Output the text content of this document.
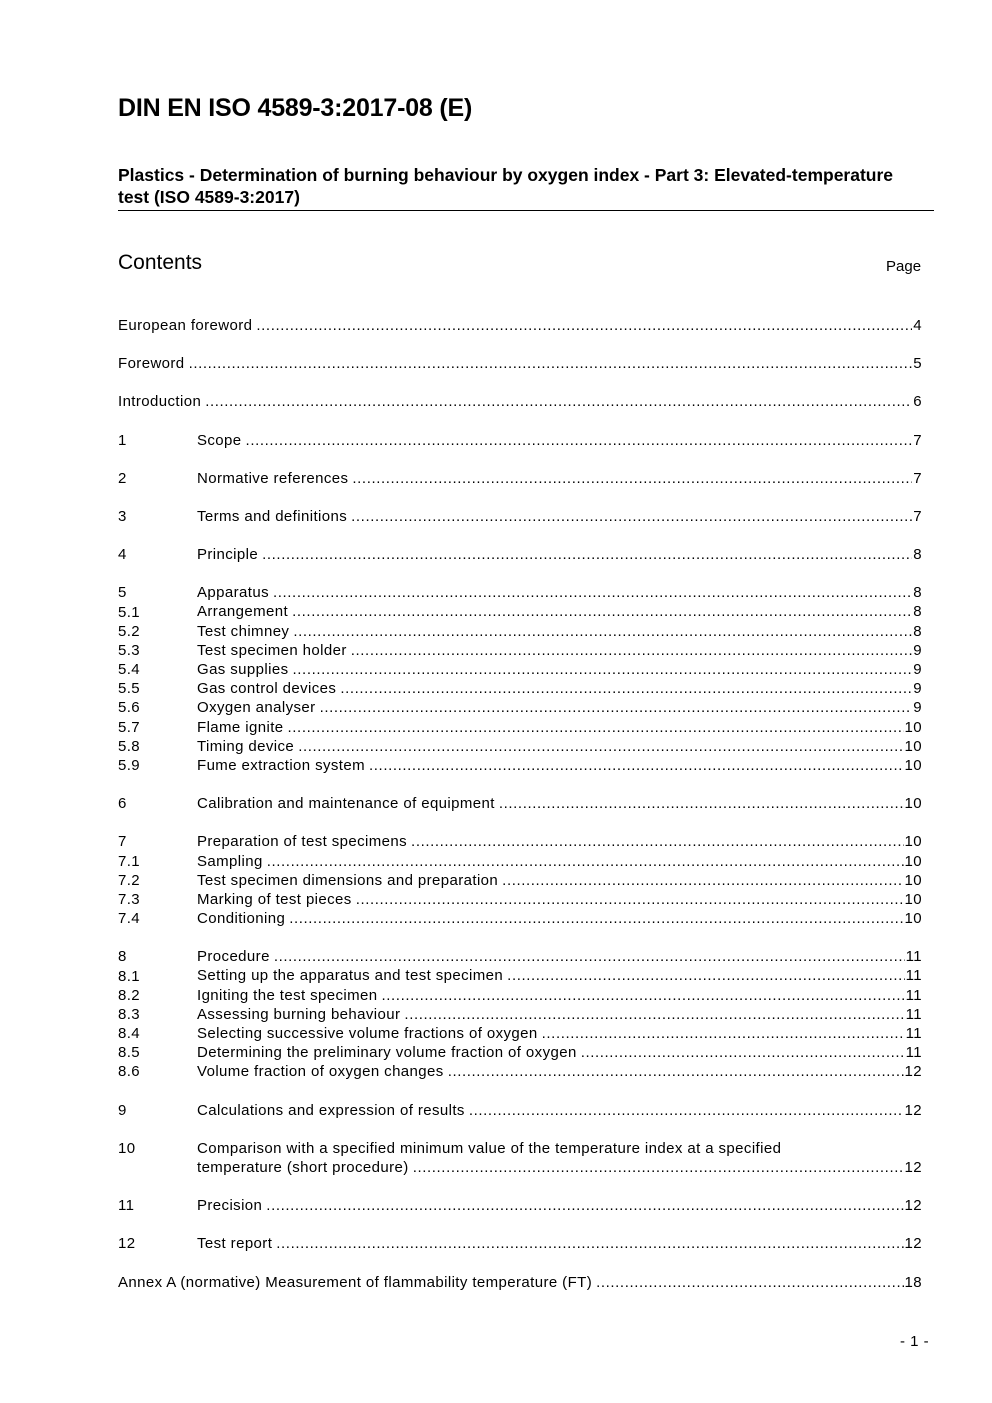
DIN EN ISO 4589-3:2017-08 (E)
Plastics - Determination of burning behaviour by oxygen index - Part 3: Elevated-temperature test (ISO 4589-3:2017)
Contents	Page
European foreword .....	4
Foreword .....	5
Introduction .....	6
1	Scope .....	7
2	Normative references .....	7
3	Terms and definitions .....	7
4	Principle .....	8
5	Apparatus .....	8
5.1	Arrangement .....	8
5.2	Test chimney .....	8
5.3	Test specimen holder .....	9
5.4	Gas supplies .....	9
5.5	Gas control devices .....	9
5.6	Oxygen analyser .....	9
5.7	Flame ignite .....	10
5.8	Timing device .....	10
5.9	Fume extraction system .....	10
6	Calibration and maintenance of equipment .....	10
7	Preparation of test specimens .....	10
7.1	Sampling .....	10
7.2	Test specimen dimensions and preparation .....	10
7.3	Marking of test pieces .....	10
7.4	Conditioning .....	10
8	Procedure .....	11
8.1	Setting up the apparatus and test specimen .....	11
8.2	Igniting the test specimen .....	11
8.3	Assessing burning behaviour .....	11
8.4	Selecting successive volume fractions of oxygen .....	11
8.5	Determining the preliminary volume fraction of oxygen .....	11
8.6	Volume fraction of oxygen changes .....	12
9	Calculations and expression of results .....	12
10	Comparison with a specified minimum value of the temperature index at a specified
temperature (short procedure) .....	12
11	Precision .....	12
12	Test report .....	12
Annex A (normative) Measurement of flammability temperature (FT) .....	18
- 1 -
